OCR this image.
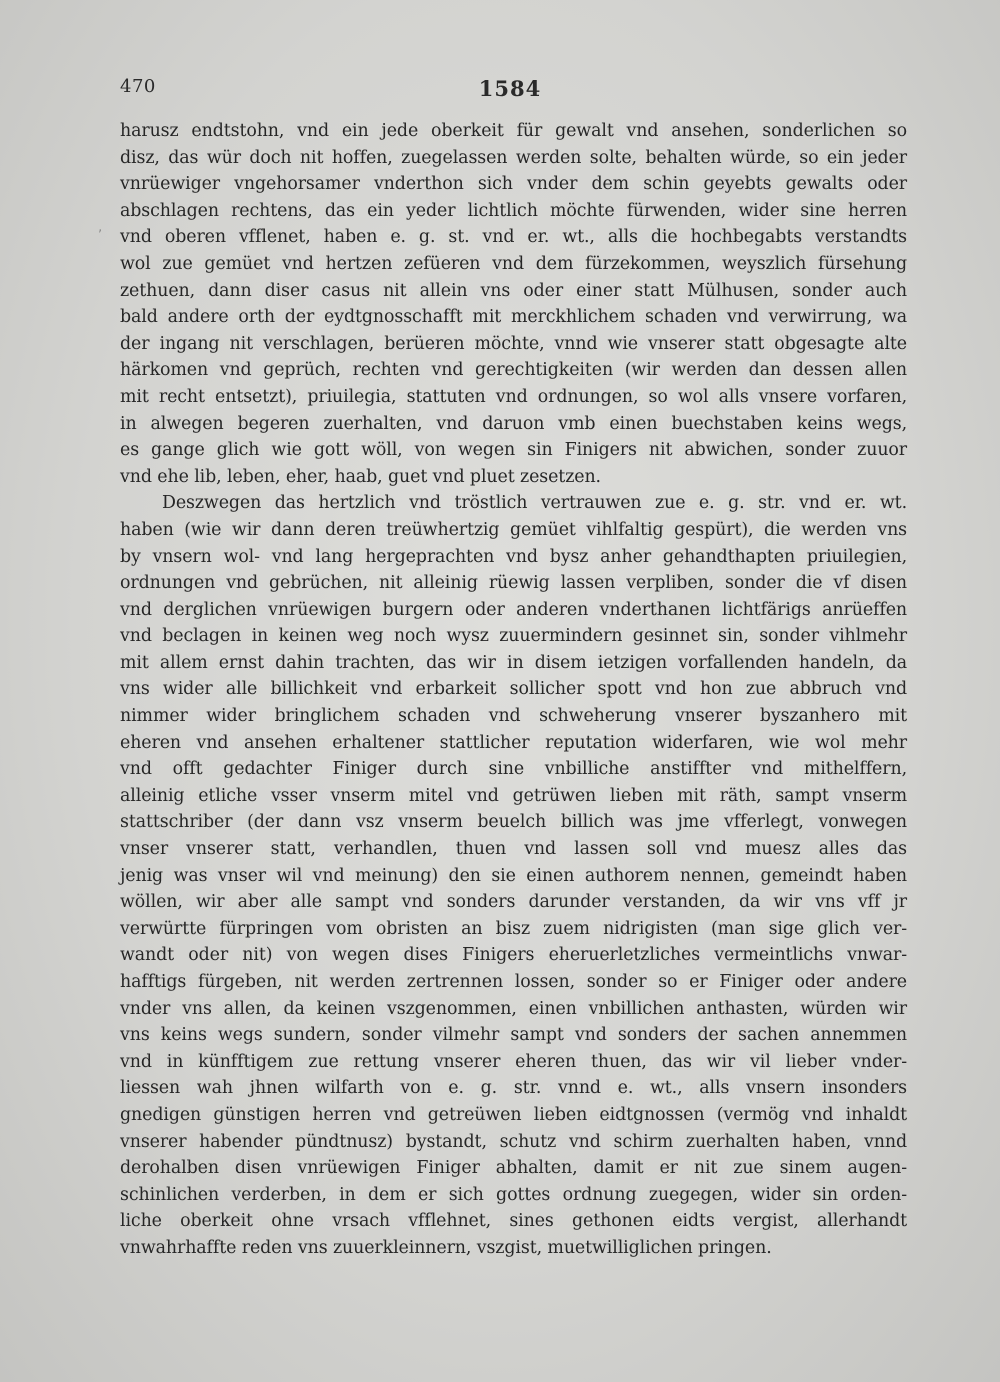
470	1584
ʼ
harusz endtstohn, vnd ein jede oberkeit für gewalt vnd ansehen, sonderlichen so
disz, das wür doch nit hoffen, zuegelassen werden solte, behalten würde, so ein jeder
vnrüewiger vngehorsamer vnderthon sich vnder dem schin geyebts gewalts oder
abschlagen rechtens, das ein yeder lichtlich möchte fürwenden, wider sine herren
vnd oberen vfflenet, haben e. g. st. vnd er. wt., alls die hochbegabts verstandts
wol zue gemüet vnd hertzen zefüeren vnd dem fürzekommen, weyszlich fürsehung
zethuen, dann diser casus nit allein vns oder einer statt Mülhusen, sonder auch
bald andere orth der eydtgnosschafft mit merckhlichem schaden vnd verwirrung, wa
der ingang nit verschlagen, berüeren möchte, vnnd wie vnserer statt obgesagte alte
härkomen vnd geprüch, rechten vnd gerechtigkeiten (wir werden dan dessen allen
mit recht entsetzt), priuilegia, stattuten vnd ordnungen, so wol alls vnsere vorfaren,
in alwegen begeren zuerhalten, vnd daruon vmb einen buechstaben keins wegs,
es gange glich wie gott wöll, von wegen sin Finigers nit abwichen, sonder zuuor
vnd ehe lib, leben, eher, haab, guet vnd pluet zesetzen.
Deszwegen das hertzlich vnd tröstlich vertrauwen zue e. g. str. vnd er. wt.
haben (wie wir dann deren treüwhertzig gemüet vihlfaltig gespürt), die werden vns
by vnsern wol- vnd lang hergeprachten vnd bysz anher gehandthapten priuilegien,
ordnungen vnd gebrüchen, nit alleinig rüewig lassen verpliben, sonder die vf disen
vnd derglichen vnrüewigen burgern oder anderen vnderthanen lichtfärigs anrüeffen
vnd beclagen in keinen weg noch wysz zuuermindern gesinnet sin, sonder vihlmehr
mit allem ernst dahin trachten, das wir in disem ietzigen vorfallenden handeln, da
vns wider alle billichkeit vnd erbarkeit sollicher spott vnd hon zue abbruch vnd
nimmer wider bringlichem schaden vnd schweherung vnserer byszanhero mit
eheren vnd ansehen erhaltener stattlicher reputation widerfaren, wie wol mehr
vnd offt gedachter Finiger durch sine vnbilliche anstiffter vnd mithelffern,
alleinig etliche vsser vnserm mitel vnd getrüwen lieben mit räth, sampt vnserm
stattschriber (der dann vsz vnserm beuelch billich was jme vfferlegt, vonwegen
vnser vnserer statt, verhandlen, thuen vnd lassen soll vnd muesz alles das
jenig was vnser wil vnd meinung) den sie einen authorem nennen, gemeindt haben
wöllen, wir aber alle sampt vnd sonders darunder verstanden, da wir vns vff jr
verwürtte fürpringen vom obristen an bisz zuem nidrigisten (man sige glich ver-
wandt oder nit) von wegen dises Finigers eheruerletzliches vermeintlichs vnwar-
hafftigs fürgeben, nit werden zertrennen lossen, sonder so er Finiger oder andere
vnder vns allen, da keinen vszgenommen, einen vnbillichen anthasten, würden wir
vns keins wegs sundern, sonder vilmehr sampt vnd sonders der sachen annemmen
vnd in künfftigem zue rettung vnserer eheren thuen, das wir vil lieber vnder-
liessen wah jhnen wilfarth von e. g. str. vnnd e. wt., alls vnsern insonders
gnedigen günstigen herren vnd getreüwen lieben eidtgnossen (vermög vnd inhaldt
vnserer habender pündtnusz) bystandt, schutz vnd schirm zuerhalten haben, vnnd
derohalben disen vnrüewigen Finiger abhalten, damit er nit zue sinem augen-
schinlichen verderben, in dem er sich gottes ordnung zuegegen, wider sin orden-
liche oberkeit ohne vrsach vfflehnet, sines gethonen eidts vergist, allerhandt
vnwahrhaffte reden vns zuuerkleinnern, vszgist, muetwilliglichen pringen.
